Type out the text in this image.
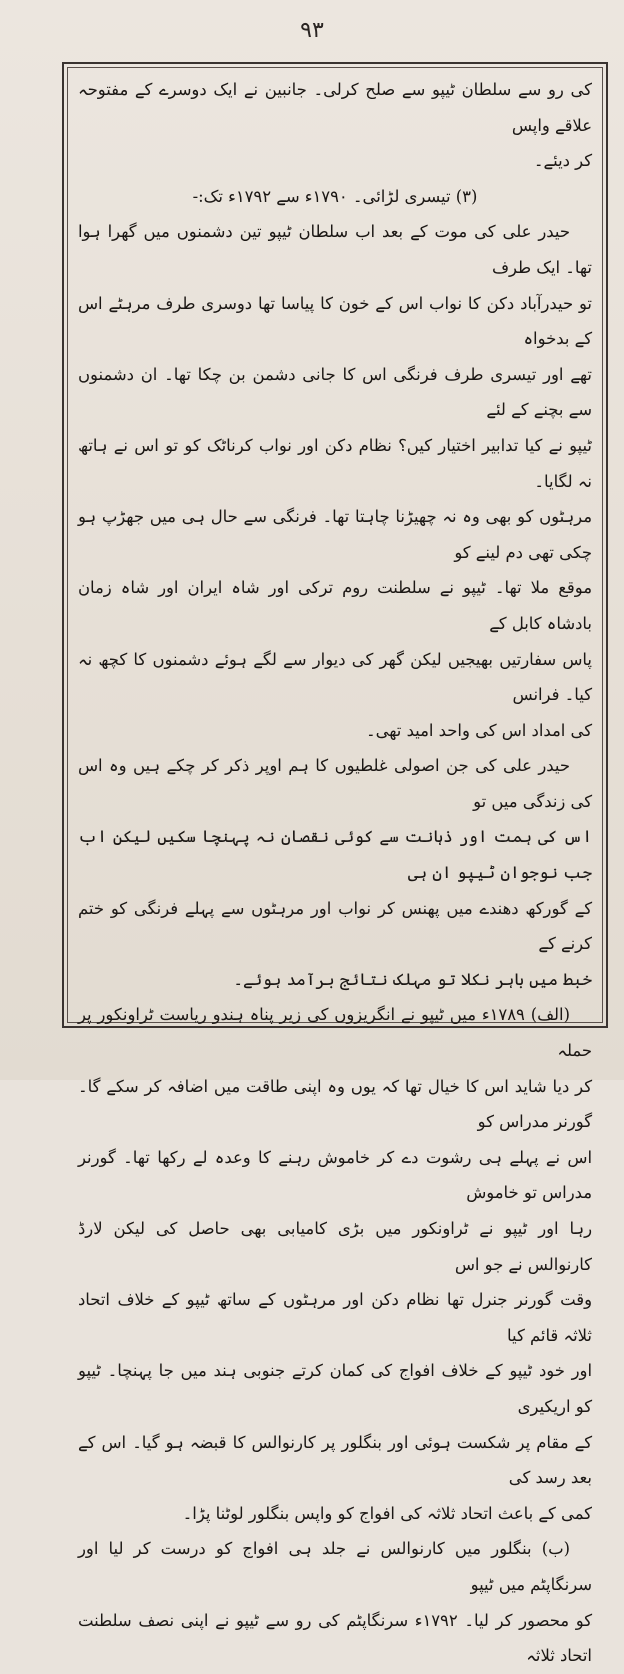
۹۳

کی رو سے سلطان ٹیپو سے صلح کرلی۔ جانبین نے ایک دوسرے کے مفتوحہ علاقے واپس

کر دیئے۔

(۳) تیسری لڑائی۔ ۱۷۹۰ء سے ۱۷۹۲ء تک:-

حیدر علی کی موت کے بعد اب سلطان ٹیپو تین دشمنوں میں گھرا ہوا تھا۔ ایک طرف

تو حیدرآباد دکن کا نواب اس کے خون کا پیاسا تھا دوسری طرف مرہٹے اس کے بدخواہ

تھے اور تیسری طرف فرنگی اس کا جانی دشمن بن چکا تھا۔ ان دشمنوں سے بچنے کے لئے

ٹیپو نے کیا تدابیر اختیار کیں؟ نظام دکن اور نواب کرناٹک کو تو اس نے ہاتھ نہ لگایا۔

مرہٹوں کو بھی وہ نہ چھیڑنا چاہتا تھا۔ فرنگی سے حال ہی میں جھڑپ ہو چکی تھی دم لینے کو

موقع ملا تھا۔ ٹیپو نے سلطنت روم ترکی اور شاہ ایران اور شاہ زمان بادشاہ کابل کے

پاس سفارتیں بھیجیں لیکن گھر کی دیوار سے لگے ہوئے دشمنوں کا کچھ نہ کیا۔ فرانس

کی امداد اس کی واحد امید تھی۔

حیدر علی کی جن اصولی غلطیوں کا ہم اوپر ذکر کر چکے ہیں وہ اس کی زندگی میں تو

اس کی ہمت اور ذہانت سے کوئی نقصان نہ پہنچا سکیں لیکن اب جب نوجوان ٹیپو ان ہی

کے گورکھ دھندے میں پھنس کر نواب اور مرہٹوں سے پہلے فرنگی کو ختم کرنے کے

خبط میں باہر نکلا تو مہلک نتائج برآمد ہوئے۔

(الف) ۱۷۸۹ء میں ٹیپو نے انگریزوں کی زیر پناہ ہندو ریاست ٹراونکور پر حملہ

کر دیا شاید اس کا خیال تھا کہ یوں وہ اپنی طاقت میں اضافہ کر سکے گا۔ گورنر مدراس کو

اس نے پہلے ہی رشوت دے کر خاموش رہنے کا وعدہ لے رکھا تھا۔ گورنر مدراس تو خاموش

رہا اور ٹیپو نے ٹراونکور میں بڑی کامیابی بھی حاصل کی لیکن لارڈ کارنوالس نے جو اس

وقت گورنر جنرل تھا نظام دکن اور مرہٹوں کے ساتھ ٹیپو کے خلاف اتحاد ثلاثہ قائم کیا

اور خود ٹیپو کے خلاف افواج کی کمان کرتے جنوبی ہند میں جا پہنچا۔ ٹیپو کو اریکیری

کے مقام پر شکست ہوئی اور بنگلور پر کارنوالس کا قبضہ ہو گیا۔ اس کے بعد رسد کی

کمی کے باعث اتحاد ثلاثہ کی افواج کو واپس بنگلور لوٹنا پڑا۔

(ب) بنگلور میں کارنوالس نے جلد ہی افواج کو درست کر لیا اور سرنگاپٹم میں ٹیپو

کو محصور کر لیا۔ ۱۷۹۲ء سرنگاپٹم کی رو سے ٹیپو نے اپنی نصف سلطنت اتحاد ثلاثہ
